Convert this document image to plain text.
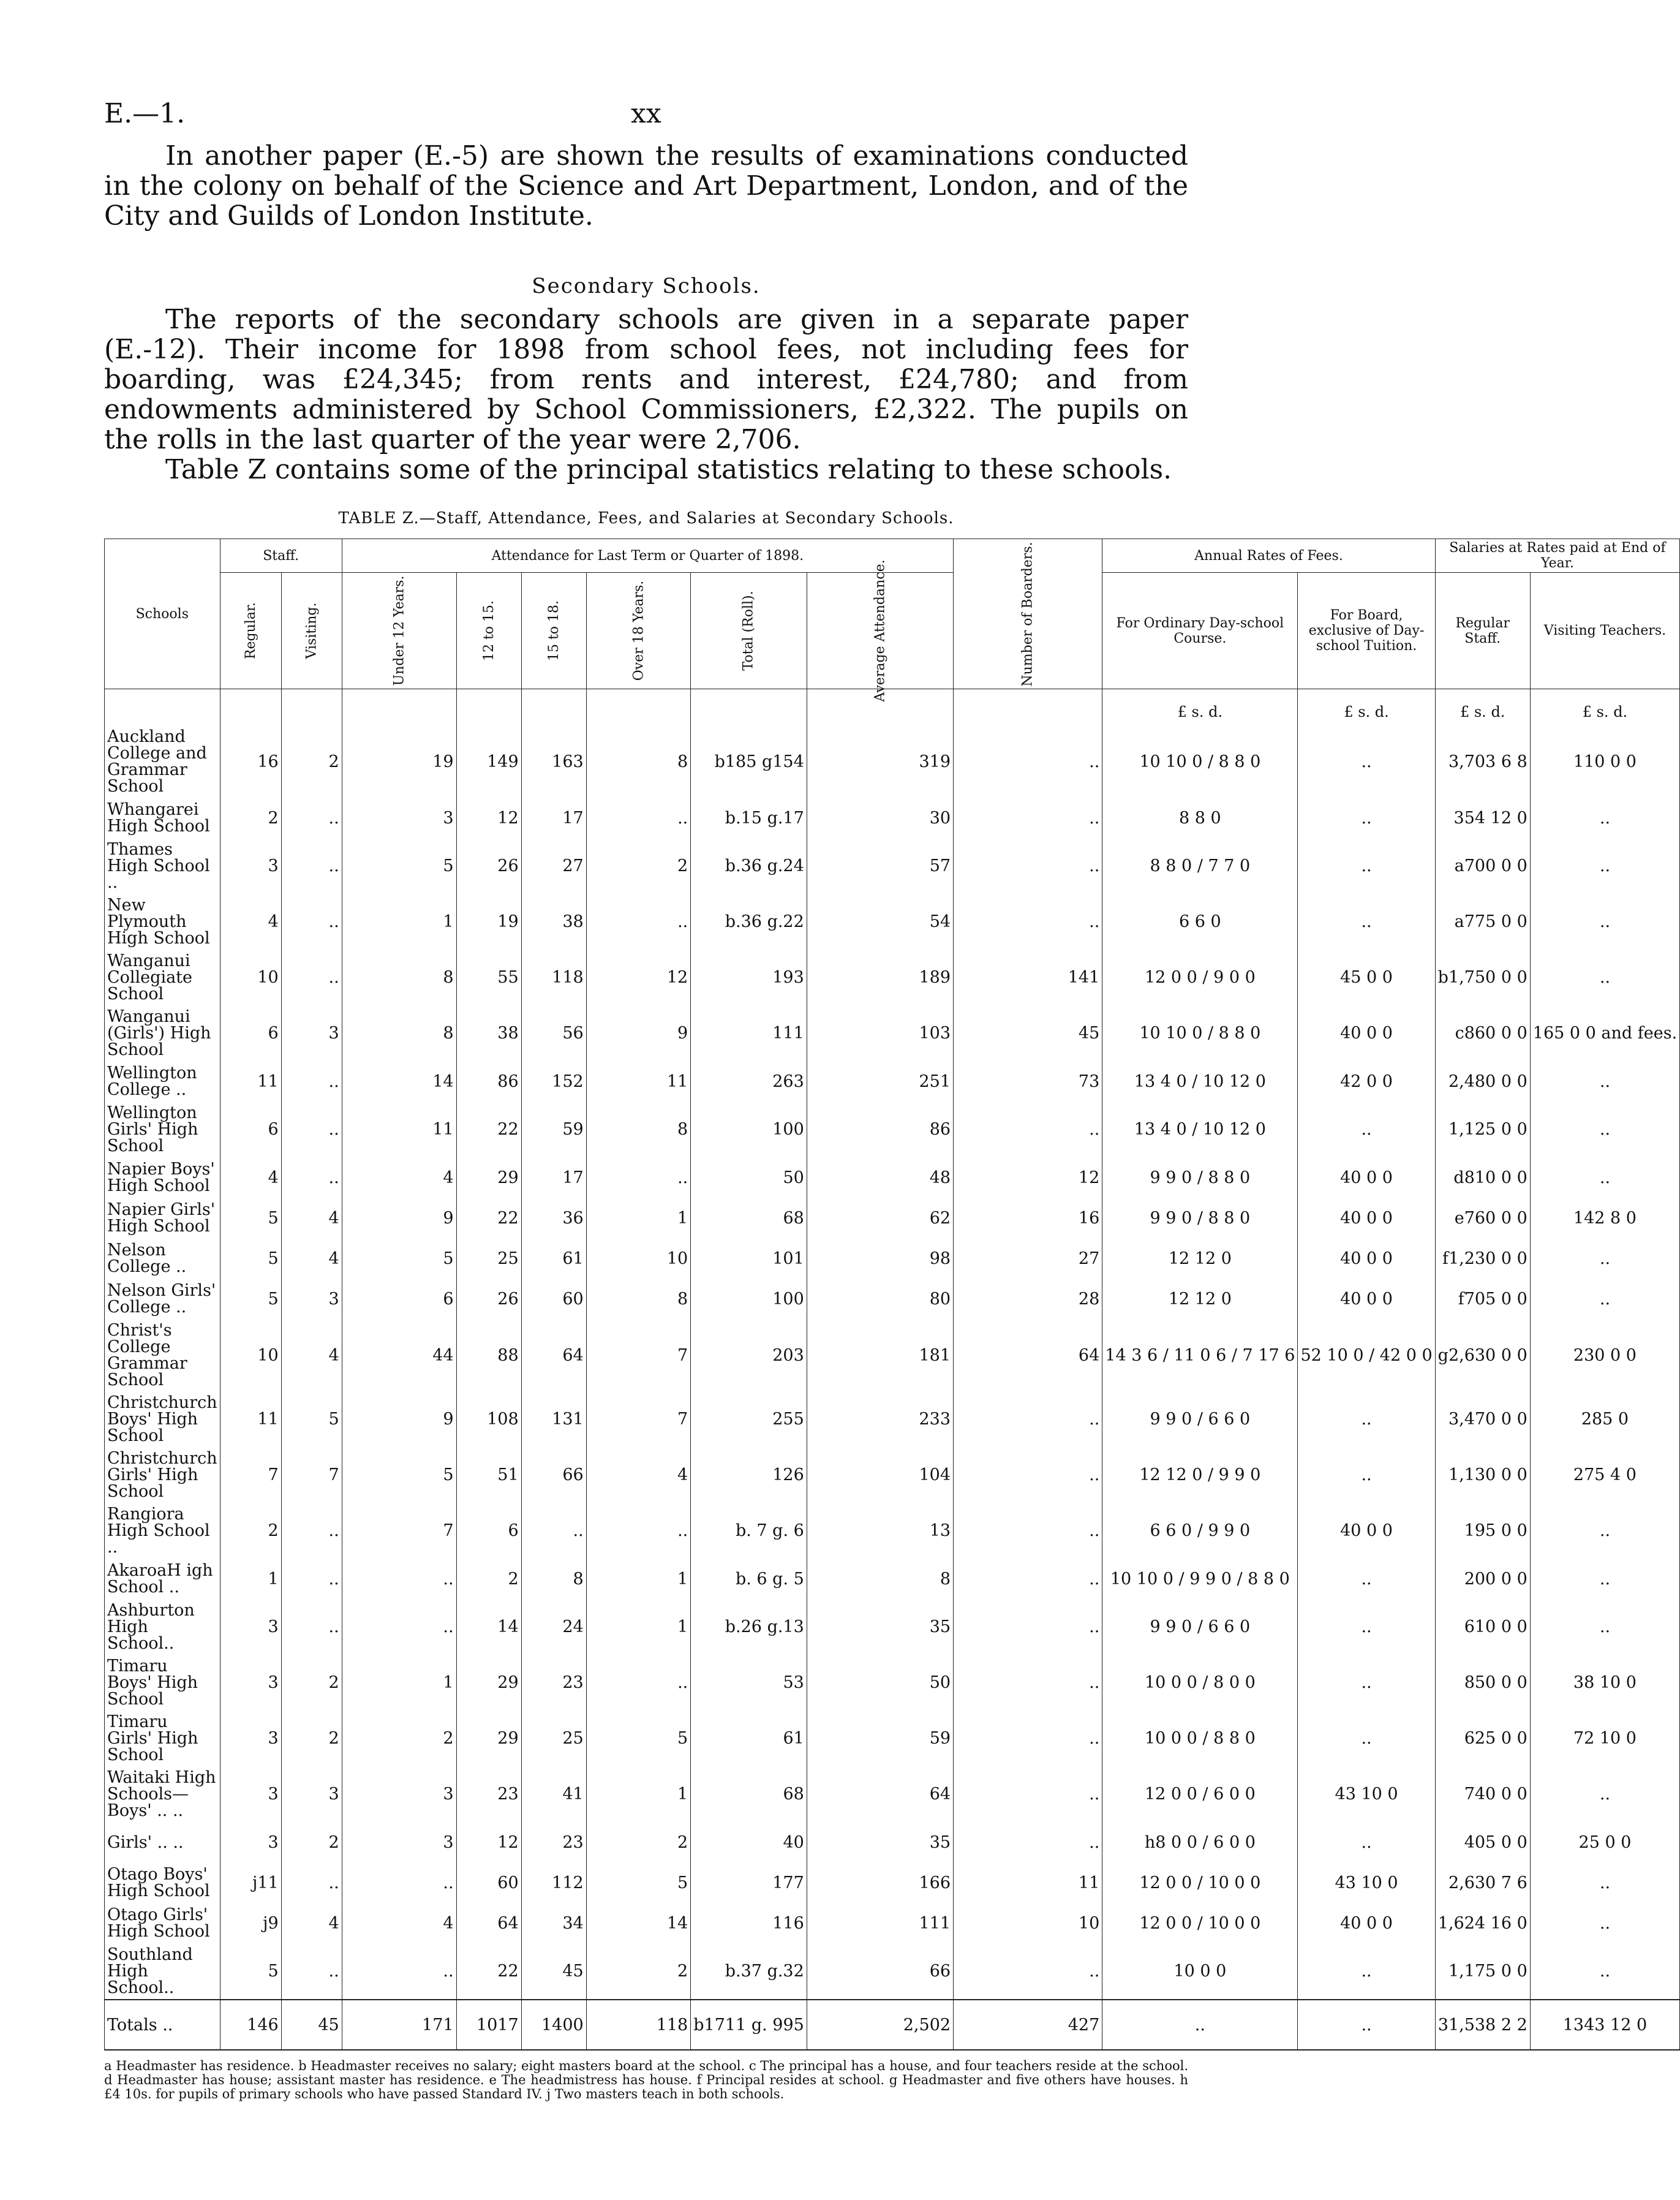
E.—1.	xx

In another paper (E.-5) are shown the results of examinations conducted in the colony on behalf of the Science and Art Department, London, and of the City and Guilds of London Institute.

Secondary Schools.

The reports of the secondary schools are given in a separate paper (E.-12). Their income for 1898 from school fees, not including fees for boarding, was £24,345; from rents and interest, £24,780; and from endowments administered by School Commissioners, £2,322. The pupils on the rolls in the last quarter of the year were 2,706.

Table Z contains some of the principal statistics relating to these schools.

TABLE Z.—Staff, Attendance, Fees, and Salaries at Secondary Schools.
Schools	Staff.		Attendance for Last Term or Quarter of 1898.						Number of Boarders.	Annual Rates of Fees.		Salaries at Rates paid at End of Year.	
	Regular.	Visiting.	Under 12 Years.	12 to 15.	15 to 18.	Over 18 Years.	Total (Roll).	Average Attendance.		For Ordinary Day-school Course.	For Board, exclusive of Day-school Tuition.	Regular Staff.	Visiting Teachers.
										£ s. d.	£ s. d.	£ s. d.	£ s. d.
Auckland College and Grammar School	16	2	19	149	163	8	b185 g154	319	..	10 10 0 / 8 8 0	..	3,703 6 8	110 0 0
Whangarei High School	2	..	3	12	17	..	b.15 g.17	30	..	8 8 0	..	354 12 0	..
Thames High School ..	3	..	5	26	27	2	b.36 g.24	57	..	8 8 0 / 7 7 0	..	a700 0 0	..
New Plymouth High School	4	..	1	19	38	..	b.36 g.22	54	..	6 6 0	..	a775 0 0	..
Wanganui Collegiate School	10	..	8	55	118	12	193	189	141	12 0 0 / 9 0 0	45 0 0	b1,750 0 0	..
Wanganui (Girls') High School	6	3	8	38	56	9	111	103	45	10 10 0 / 8 8 0	40 0 0	c860 0 0	165 0 0 and fees.
Wellington College ..	11	..	14	86	152	11	263	251	73	13 4 0 / 10 12 0	42 0 0	2,480 0 0	..
Wellington Girls' High School	6	..	11	22	59	8	100	86	..	13 4 0 / 10 12 0	..	1,125 0 0	..
Napier Boys' High School	4	..	4	29	17	..	50	48	12	9 9 0 / 8 8 0	40 0 0	d810 0 0	..
Napier Girls' High School	5	4	9	22	36	1	68	62	16	9 9 0 / 8 8 0	40 0 0	e760 0 0	142 8 0
Nelson College ..	5	4	5	25	61	10	101	98	27	12 12 0	40 0 0	f1,230 0 0	..
Nelson Girls' College ..	5	3	6	26	60	8	100	80	28	12 12 0	40 0 0	f705 0 0	..
Christ's College Grammar School	10	4	44	88	64	7	203	181	64	14 3 6 / 11 0 6 / 7 17 6	52 10 0 / 42 0 0	g2,630 0 0	230 0 0
Christchurch Boys' High School	11	5	9	108	131	7	255	233	..	9 9 0 / 6 6 0	..	3,470 0 0	285 0
Christchurch Girls' High School	7	7	5	51	66	4	126	104	..	12 12 0 / 9 9 0	..	1,130 0 0	275 4 0
Rangiora High School ..	2	..	7	6	..	..	b. 7 g. 6	13	..	6 6 0 / 9 9 0	40 0 0	195 0 0	..
AkaroaH igh School ..	1	..	..	2	8	1	b. 6 g. 5	8	..	10 10 0 / 9 9 0 / 8 8 0	..	200 0 0	..
Ashburton High School..	3	..	..	14	24	1	b.26 g.13	35	..	9 9 0 / 6 6 0	..	610 0 0	..
Timaru Boys' High School	3	2	1	29	23	..	53	50	..	10 0 0 / 8 0 0	..	850 0 0	38 10 0
Timaru Girls' High School	3	2	2	29	25	5	61	59	..	10 0 0 / 8 8 0	..	625 0 0	72 10 0
Waitaki High Schools— Boys' .. ..	3	3	3	23	41	1	68	64	..	12 0 0 / 6 0 0	43 10 0	740 0 0	..
Girls' .. ..	3	2	3	12	23	2	40	35	..	h8 0 0 / 6 0 0	..	405 0 0	25 0 0
Otago Boys' High School	j11	..	..	60	112	5	177	166	11	12 0 0 / 10 0 0	43 10 0	2,630 7 6	..
Otago Girls' High School	j9	4	4	64	34	14	116	111	10	12 0 0 / 10 0 0	40 0 0	1,624 16 0	..
Southland High School..	5	..	..	22	45	2	b.37 g.32	66	..	10 0 0	..	1,175 0 0	..
Totals ..	146	45	171	1017	1400	118	b1711 g. 995	2,502	427	..	..	31,538 2 2	1343 12 0
a Headmaster has residence. b Headmaster receives no salary; eight masters board at the school. c The principal has a house, and four teachers reside at the school. d Headmaster has house; assistant master has residence. e The headmistress has house. f Principal resides at school. g Headmaster and five others have houses. h £4 10s. for pupils of primary schools who have passed Standard IV. j Two masters teach in both schools.
